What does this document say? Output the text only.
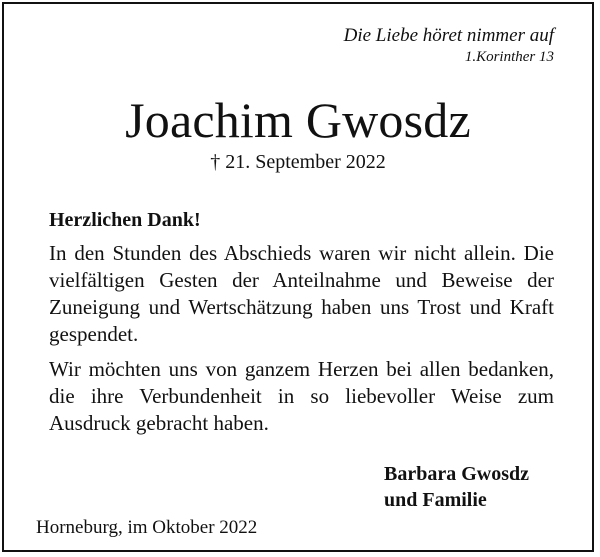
Die Liebe höret nimmer auf
1.Korinther 13
Joachim Gwosdz
† 21. September 2022
Herzlichen Dank!
In den Stunden des Abschieds waren wir nicht allein. Die vielfältigen Gesten der Anteilnahme und Beweise der Zuneigung und Wertschätzung haben uns Trost und Kraft gespendet.
Wir möchten uns von ganzem Herzen bei allen bedanken, die ihre Verbundenheit in so liebevoller Weise zum Ausdruck gebracht haben.
Barbara Gwosdz
und Familie
Horneburg, im Oktober 2022
